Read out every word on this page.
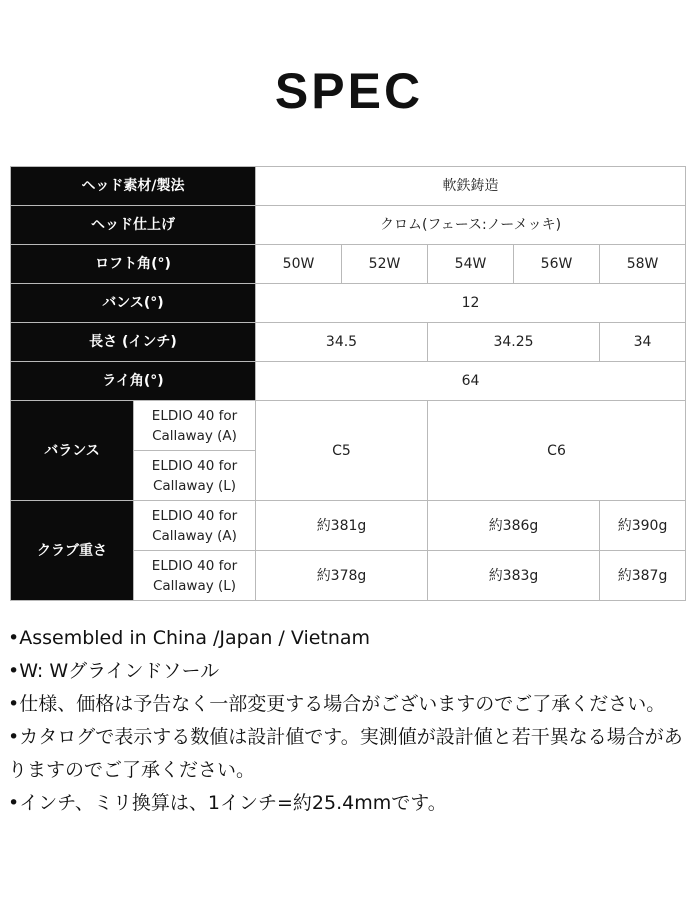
SPEC
ヘッド素材/製法		軟鉄鋳造				
ヘッド仕上げ		クロム(フェース:ノーメッキ)				
ロフト角(°)		50W	52W	54W	56W	58W
バンス(°)		12				
長さ (インチ)		34.5		34.25		34
ライ角(°)		64				
バランス	ELDIO 40 for Callaway (A)	C5		C6		
	ELDIO 40 for Callaway (L)					
クラブ重さ	ELDIO 40 for Callaway (A)	約381g		約386g		約390g
	ELDIO 40 for Callaway (L)	約378g		約383g		約387g
•Assembled in China /Japan / Vietnam
•W: Wグラインドソール
•仕様、価格は予告なく一部変更する場合がございますのでご了承ください。
•カタログで表示する数値は設計値です。実測値が設計値と若干異なる場合がありますのでご了承ください。
•インチ、ミリ換算は、1インチ=約25.4mmです。
